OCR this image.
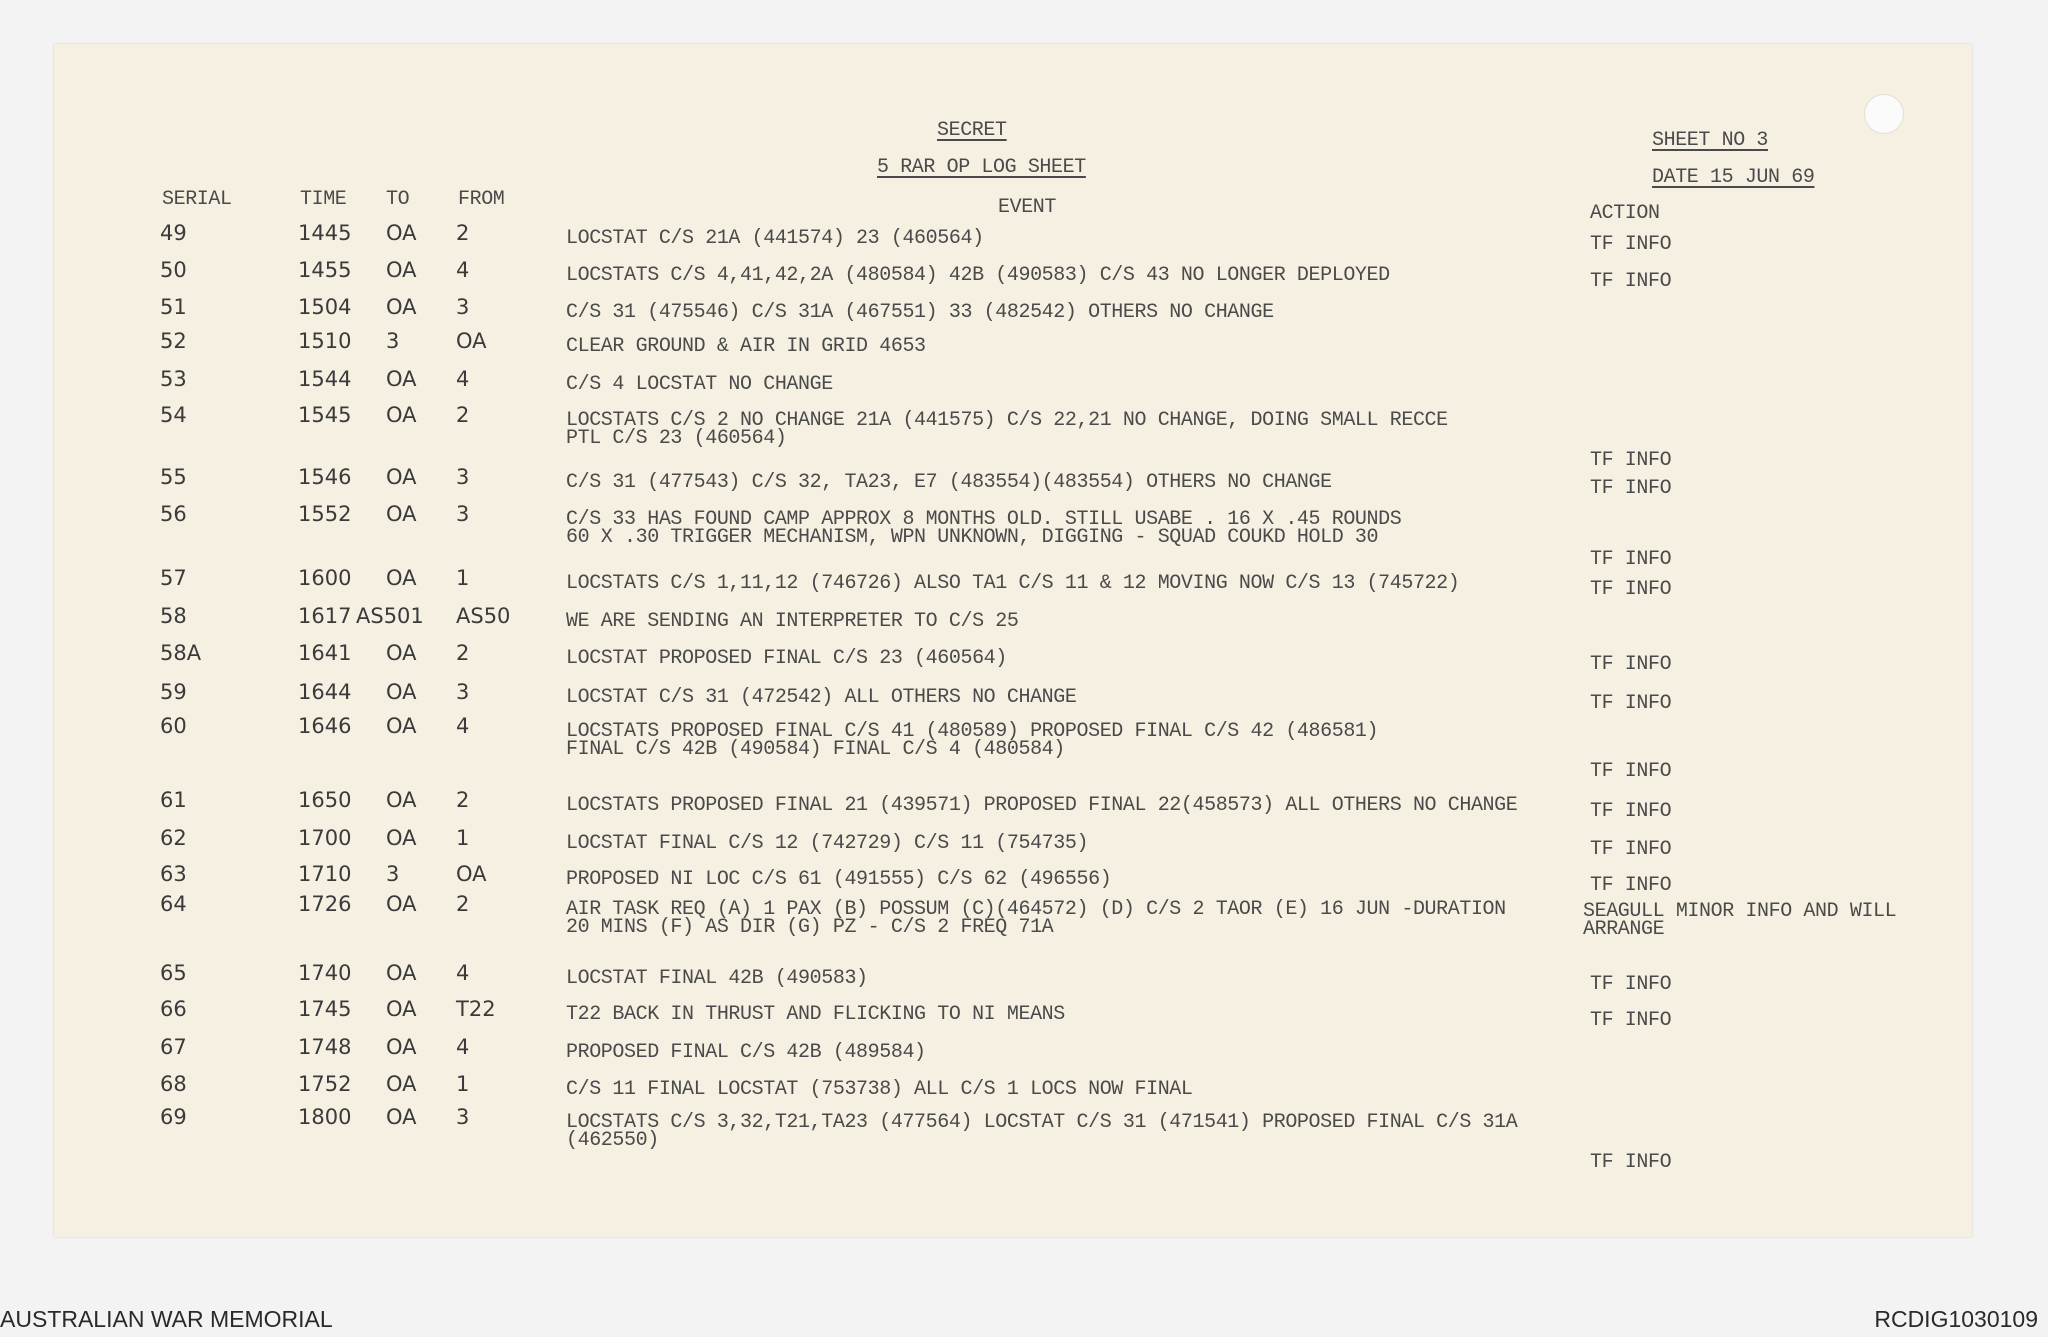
SECRET
5 RAR OP LOG SHEET
SHEET NO 3
DATE 15 JUN 69
SERIAL	TIME TO FROM	EVENT	ACTION
49	1445 OA 2	LOCSTAT C/S 21A (441574) 23 (460564)	TF INFO
50	1455 OA 4	LOCSTATS C/S 4,41,42,2A (480584) 42B (490583) C/S 43 NO LONGER DEPLOYED	TF INFO
51	1504 OA 3	C/S 31 (475546) C/S 31A (467551) 33 (482542) OTHERS NO CHANGE
52	1510 3	OA	CLEAR GROUND & AIR IN GRID 4653
53	1544 OA 4	C/S 4 LOCSTAT NO CHANGE
54	1545 OA 2	LOCSTATS C/S 2 NO CHANGE 21A (441575) C/S 22,21 NO CHANGE, DOING SMALL RECCE
PTL C/S 23 (460564)
TF INFO
55	1546 OA 3	C/S 31 (477543) C/S 32, TA23, E7 (483554)(483554) OTHERS NO CHANGE	TF INFO
56	1552 OA 3	C/S 33 HAS FOUND CAMP APPROX 8 MONTHS OLD. STILL USABE . 16 X .45 ROUNDS
60 X .30 TRIGGER MECHANISM, WPN UNKNOWN, DIGGING - SQUAD COUKD HOLD 30
TF INFO
57	1600 OA 1	LOCSTATS C/S 1,11,12 (746726) ALSO TA1 C/S 11 & 12 MOVING NOW C/S 13 (745722)	TF INFO
58	1617 AS501 AS50	WE ARE SENDING AN INTERPRETER TO C/S 25
58A	1641 OA 2	LOCSTAT PROPOSED FINAL C/S 23 (460564)	TF INFO
59	1644 OA 3	LOCSTAT C/S 31 (472542) ALL OTHERS NO CHANGE	TF INFO
60	1646 OA 4	LOCSTATS PROPOSED FINAL C/S 41 (480589) PROPOSED FINAL C/S 42 (486581)
FINAL C/S 42B (490584) FINAL C/S 4 (480584)
TF INFO
61	1650 OA 2	LOCSTATS PROPOSED FINAL 21 (439571) PROPOSED FINAL 22(458573) ALL OTHERS NO CHANGE	TF INFO
62	1700 OA 1	LOCSTAT FINAL C/S 12 (742729) C/S 11 (754735)	TF INFO
63	1710 3	OA	PROPOSED NI LOC C/S 61 (491555) C/S 62 (496556)	TF INFO
64	1726 OA 2	AIR TASK REQ (A) 1 PAX (B) POSSUM (C)(464572) (D) C/S 2 TAOR (E) 16 JUN -DURATION
20 MINS (F) AS DIR (G) PZ - C/S 2 FREQ 71A
SEAGULL MINOR INFO AND WILL
ARRANGE
65	1740 OA 4	LOCSTAT FINAL 42B (490583)	TF INFO
66	1745 OA T22	T22 BACK IN THRUST AND FLICKING TO NI MEANS	TF INFO
67	1748 OA 4	PROPOSED FINAL C/S 42B (489584)
68	1752 OA 1	C/S 11 FINAL LOCSTAT (753738) ALL C/S 1 LOCS NOW FINAL
69	1800 OA 3	LOCSTATS C/S 3,32,T21,TA23 (477564) LOCSTAT C/S 31 (471541) PROPOSED FINAL C/S 31A
(462550)
TF INFO
AUSTRALIAN WAR MEMORIAL	RCDIG1030109
